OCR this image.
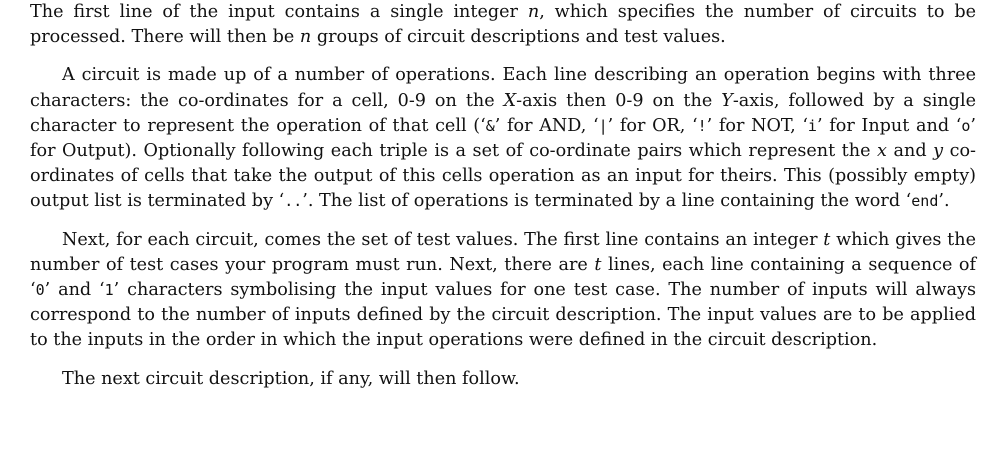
The first line of the input contains a single integer n, which specifies the number of circuits to be processed. There will then be n groups of circuit descriptions and test values.

A circuit is made up of a number of operations. Each line describing an operation begins with three characters: the co-ordinates for a cell, 0-9 on the X-axis then 0-9 on the Y-axis, followed by a single character to represent the operation of that cell (‘&’ for AND, ‘|’ for OR, ‘!’ for NOT, ‘i’ for Input and ‘o’ for Output). Optionally following each triple is a set of co-ordinate pairs which represent the x and y co-ordinates of cells that take the output of this cells operation as an input for theirs. This (possibly empty) output list is terminated by ‘..’. The list of operations is terminated by a line containing the word ‘end’.

Next, for each circuit, comes the set of test values. The first line contains an integer t which gives the number of test cases your program must run. Next, there are t lines, each line containing a sequence of ‘0’ and ‘1’ characters symbolising the input values for one test case. The number of inputs will always correspond to the number of inputs defined by the circuit description. The input values are to be applied to the inputs in the order in which the input operations were defined in the circuit description.

The next circuit description, if any, will then follow.
